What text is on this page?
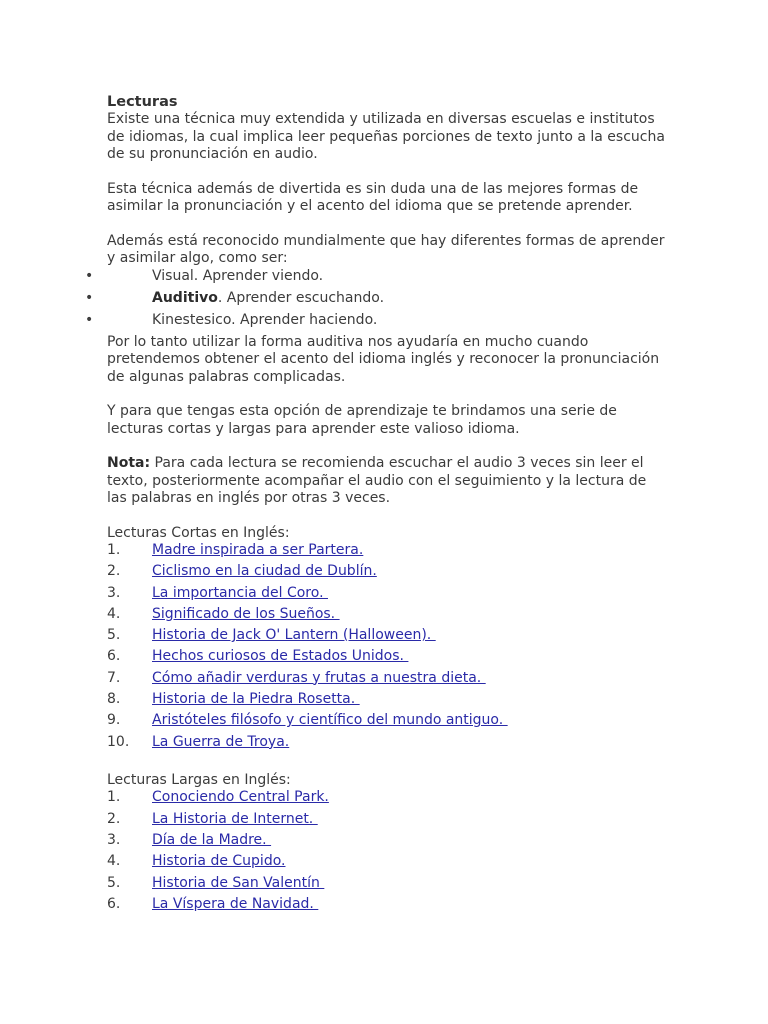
Lecturas

Existe una técnica muy extendida y utilizada en diversas escuelas e institutos de idiomas, la cual implica leer pequeñas porciones de texto junto a la escucha de su pronunciación en audio.

Esta técnica además de divertida es sin duda una de las mejores formas de asimilar la pronunciación y el acento del idioma que se pretende aprender.

Además está reconocido mundialmente que hay diferentes formas de aprender y asimilar algo, como ser:

•	Visual. Aprender viendo.
•	Auditivo. Aprender escuchando.
•	Kinestesico. Aprender haciendo.

Por lo tanto utilizar la forma auditiva nos ayudaría en mucho cuando pretendemos obtener el acento del idioma inglés y reconocer la pronunciación de algunas palabras complicadas.

Y para que tengas esta opción de aprendizaje te brindamos una serie de lecturas cortas y largas para aprender este valioso idioma.

Nota: Para cada lectura se recomienda escuchar el audio 3 veces sin leer el texto, posteriormente acompañar el audio con el seguimiento y la lectura de las palabras en inglés por otras 3 veces.

Lecturas Cortas en Inglés:
1. Madre inspirada a ser Partera.
2. Ciclismo en la ciudad de Dublín.
3. La importancia del Coro.
4. Significado de los Sueños.
5. Historia de Jack O' Lantern (Halloween).
6. Hechos curiosos de Estados Unidos.
7. Cómo añadir verduras y frutas a nuestra dieta.
8. Historia de la Piedra Rosetta.
9. Aristóteles filósofo y científico del mundo antiguo.
10. La Guerra de Troya.
Lecturas Largas en Inglés:
1. Conociendo Central Park.
2. La Historia de Internet.
3. Día de la Madre.
4. Historia de Cupido.
5. Historia de San Valentín
6. La Víspera de Navidad.
